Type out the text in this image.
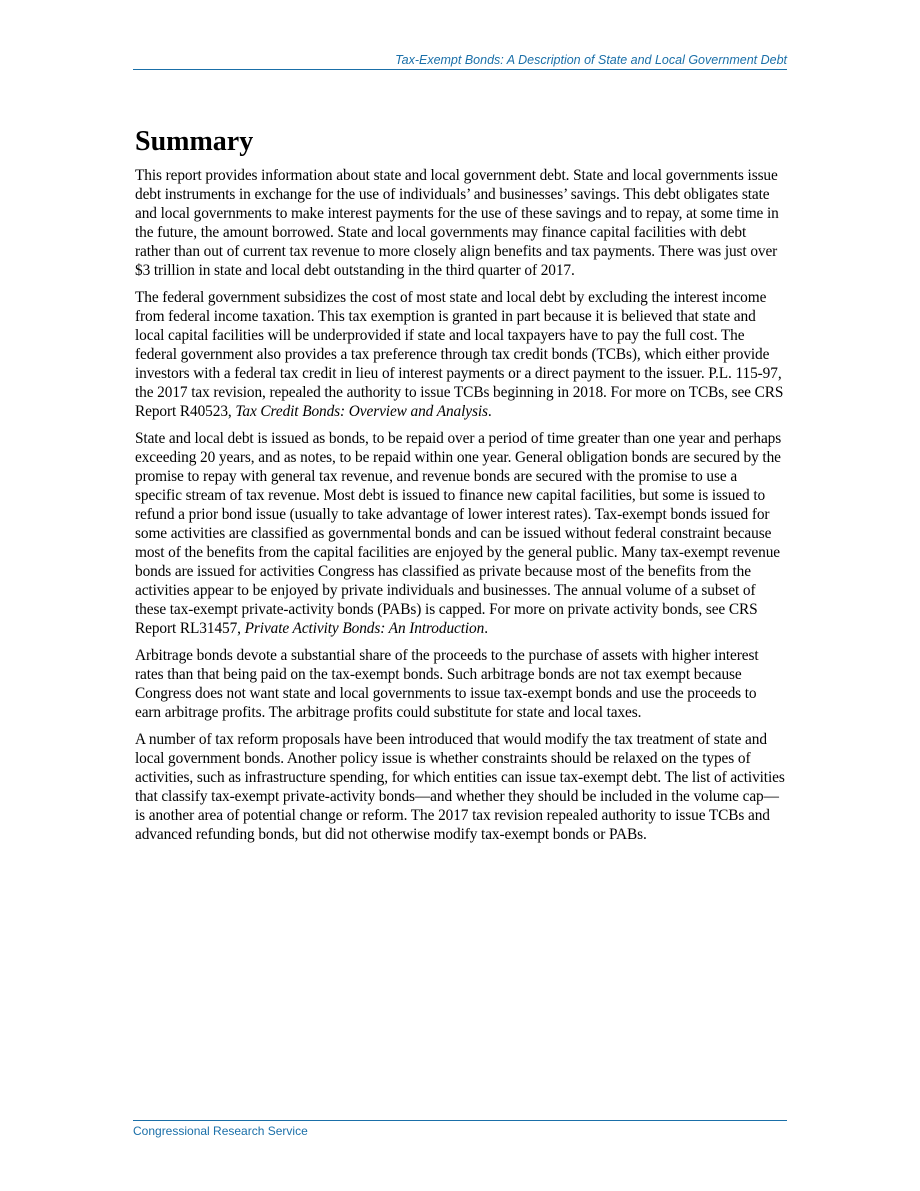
Tax-Exempt Bonds: A Description of State and Local Government Debt
Summary

This report provides information about state and local government debt. State and local governments issue debt instruments in exchange for the use of individuals’ and businesses’ savings. This debt obligates state and local governments to make interest payments for the use of these savings and to repay, at some time in the future, the amount borrowed. State and local governments may finance capital facilities with debt rather than out of current tax revenue to more closely align benefits and tax payments. There was just over $3 trillion in state and local debt outstanding in the third quarter of 2017.

The federal government subsidizes the cost of most state and local debt by excluding the interest income from federal income taxation. This tax exemption is granted in part because it is believed that state and local capital facilities will be underprovided if state and local taxpayers have to pay the full cost. The federal government also provides a tax preference through tax credit bonds (TCBs), which either provide investors with a federal tax credit in lieu of interest payments or a direct payment to the issuer. P.L. 115-97, the 2017 tax revision, repealed the authority to issue TCBs beginning in 2018. For more on TCBs, see CRS Report R40523, Tax Credit Bonds: Overview and Analysis.

State and local debt is issued as bonds, to be repaid over a period of time greater than one year and perhaps exceeding 20 years, and as notes, to be repaid within one year. General obligation bonds are secured by the promise to repay with general tax revenue, and revenue bonds are secured with the promise to use a specific stream of tax revenue. Most debt is issued to finance new capital facilities, but some is issued to refund a prior bond issue (usually to take advantage of lower interest rates). Tax-exempt bonds issued for some activities are classified as governmental bonds and can be issued without federal constraint because most of the benefits from the capital facilities are enjoyed by the general public. Many tax-exempt revenue bonds are issued for activities Congress has classified as private because most of the benefits from the activities appear to be enjoyed by private individuals and businesses. The annual volume of a subset of these tax-exempt private-activity bonds (PABs) is capped. For more on private activity bonds, see CRS Report RL31457, Private Activity Bonds: An Introduction.

Arbitrage bonds devote a substantial share of the proceeds to the purchase of assets with higher interest rates than that being paid on the tax-exempt bonds. Such arbitrage bonds are not tax exempt because Congress does not want state and local governments to issue tax-exempt bonds and use the proceeds to earn arbitrage profits. The arbitrage profits could substitute for state and local taxes.

A number of tax reform proposals have been introduced that would modify the tax treatment of state and local government bonds. Another policy issue is whether constraints should be relaxed on the types of activities, such as infrastructure spending, for which entities can issue tax-exempt debt. The list of activities that classify tax-exempt private-activity bonds—and whether they should be included in the volume cap—is another area of potential change or reform. The 2017 tax revision repealed authority to issue TCBs and advanced refunding bonds, but did not otherwise modify tax-exempt bonds or PABs.

Congressional Research Service
